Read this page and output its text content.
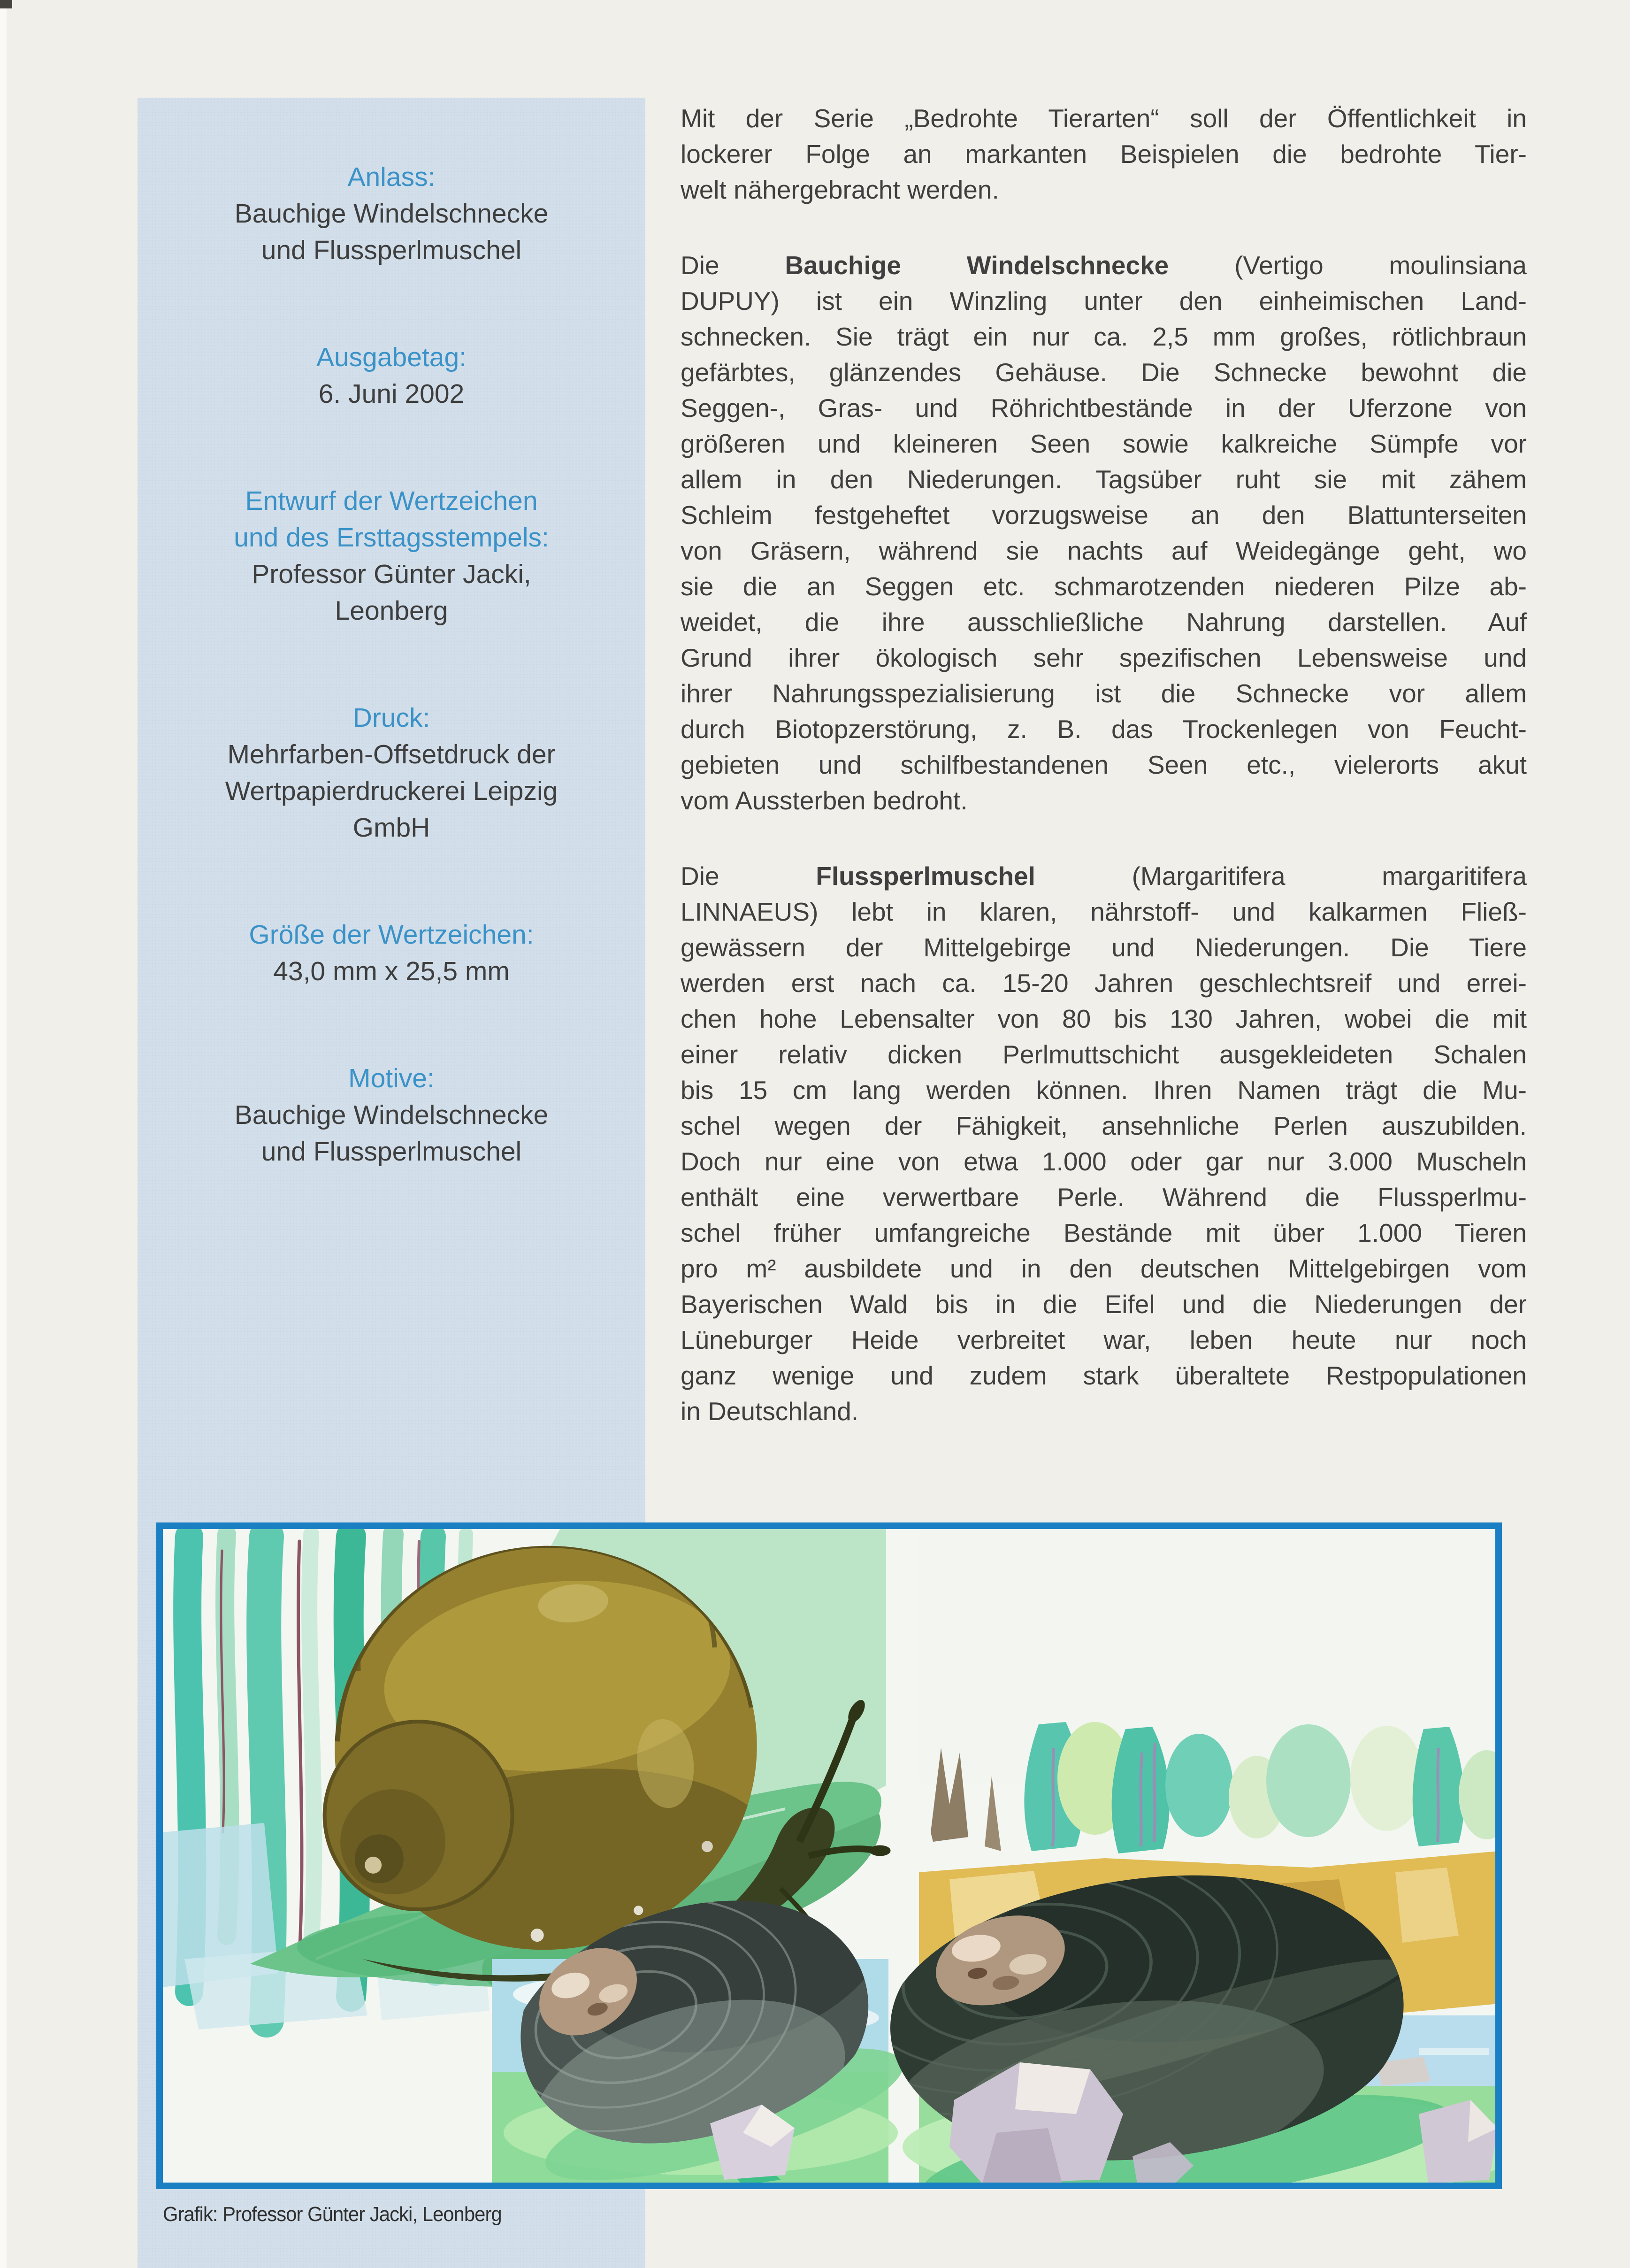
Anlass:
Bauchige Windelschnecke
und Flussperlmuschel
Ausgabetag:
6. Juni 2002
Entwurf der Wertzeichen
und des Ersttagsstempels:
Professor Günter Jacki,
Leonberg
Druck:
Mehrfarben-Offsetdruck der
Wertpapierdruckerei Leipzig
GmbH
Größe der Wertzeichen:
43,0 mm x 25,5 mm
Motive:
Bauchige Windelschnecke
und Flussperlmuschel
Mit der Serie „Bedrohte Tierarten“ soll der Öffentlichkeit in
lockerer Folge an markanten Beispielen die bedrohte Tier-
welt nähergebracht werden.
Die Bauchige Windelschnecke (Vertigo moulinsiana
DUPUY) ist ein Winzling unter den einheimischen Land-
schnecken. Sie trägt ein nur ca. 2,5 mm großes, rötlichbraun
gefärbtes, glänzendes Gehäuse. Die Schnecke bewohnt die
Seggen-, Gras- und Röhrichtbestände in der Uferzone von
größeren und kleineren Seen sowie kalkreiche Sümpfe vor
allem in den Niederungen. Tagsüber ruht sie mit zähem
Schleim festgeheftet vorzugsweise an den Blattunterseiten
von Gräsern, während sie nachts auf Weidegänge geht, wo
sie die an Seggen etc. schmarotzenden niederen Pilze ab-
weidet, die ihre ausschließliche Nahrung darstellen. Auf
Grund ihrer ökologisch sehr spezifischen Lebensweise und
ihrer Nahrungsspezialisierung ist die Schnecke vor allem
durch Biotopzerstörung, z. B. das Trockenlegen von Feucht-
gebieten und schilfbestandenen Seen etc., vielerorts akut
vom Aussterben bedroht.
Die Flussperlmuschel (Margaritifera margaritifera
LINNAEUS) lebt in klaren, nährstoff- und kalkarmen Fließ-
gewässern der Mittelgebirge und Niederungen. Die Tiere
werden erst nach ca. 15-20 Jahren geschlechtsreif und errei-
chen hohe Lebensalter von 80 bis 130 Jahren, wobei die mit
einer relativ dicken Perlmuttschicht ausgekleideten Schalen
bis 15 cm lang werden können. Ihren Namen trägt die Mu-
schel wegen der Fähigkeit, ansehnliche Perlen auszubilden.
Doch nur eine von etwa 1.000 oder gar nur 3.000 Muscheln
enthält eine verwertbare Perle. Während die Flussperlmu-
schel früher umfangreiche Bestände mit über 1.000 Tieren
pro m² ausbildete und in den deutschen Mittelgebirgen vom
Bayerischen Wald bis in die Eifel und die Niederungen der
Lüneburger Heide verbreitet war, leben heute nur noch
ganz wenige und zudem stark überaltete Restpopulationen
in Deutschland.
Grafik: Professor Günter Jacki, Leonberg
